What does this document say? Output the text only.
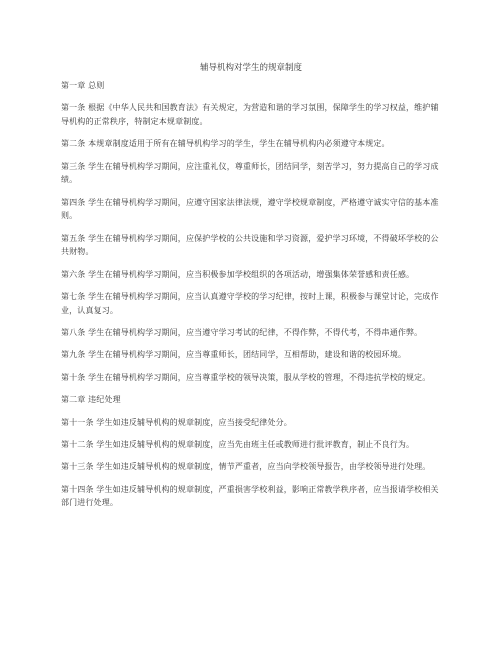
辅导机构对学生的规章制度

第一章 总则

第一条 根据《中华人民共和国教育法》有关规定，为营造和谐的学习氛围，保障学生的学习权益，维护辅导机构的正常秩序，特制定本规章制度。

第二条 本规章制度适用于所有在辅导机构学习的学生，学生在辅导机构内必须遵守本规定。

第三条 学生在辅导机构学习期间，应注重礼仪，尊重师长，团结同学，刻苦学习，努力提高自己的学习成绩。

第四条 学生在辅导机构学习期间，应遵守国家法律法规，遵守学校规章制度，严格遵守诚实守信的基本准则。

第五条 学生在辅导机构学习期间，应保护学校的公共设施和学习资源，爱护学习环境，不得破坏学校的公共财物。

第六条 学生在辅导机构学习期间，应当积极参加学校组织的各项活动，增强集体荣誉感和责任感。

第七条 学生在辅导机构学习期间，应当认真遵守学校的学习纪律，按时上课，积极参与课堂讨论，完成作业，认真复习。

第八条 学生在辅导机构学习期间，应当遵守学习考试的纪律，不得作弊，不得代考，不得串通作弊。

第九条 学生在辅导机构学习期间，应当尊重师长，团结同学，互相帮助，建设和谐的校园环境。

第十条 学生在辅导机构学习期间，应当尊重学校的领导决策，服从学校的管理，不得违抗学校的规定。

第二章 违纪处理

第十一条 学生如违反辅导机构的规章制度，应当接受纪律处分。

第十二条 学生如违反辅导机构的规章制度，应当先由班主任或教师进行批评教育，制止不良行为。

第十三条 学生如违反辅导机构的规章制度，情节严重者，应当向学校领导报告，由学校领导进行处理。

第十四条 学生如违反辅导机构的规章制度，严重损害学校利益，影响正常教学秩序者，应当报请学校相关部门进行处理。
